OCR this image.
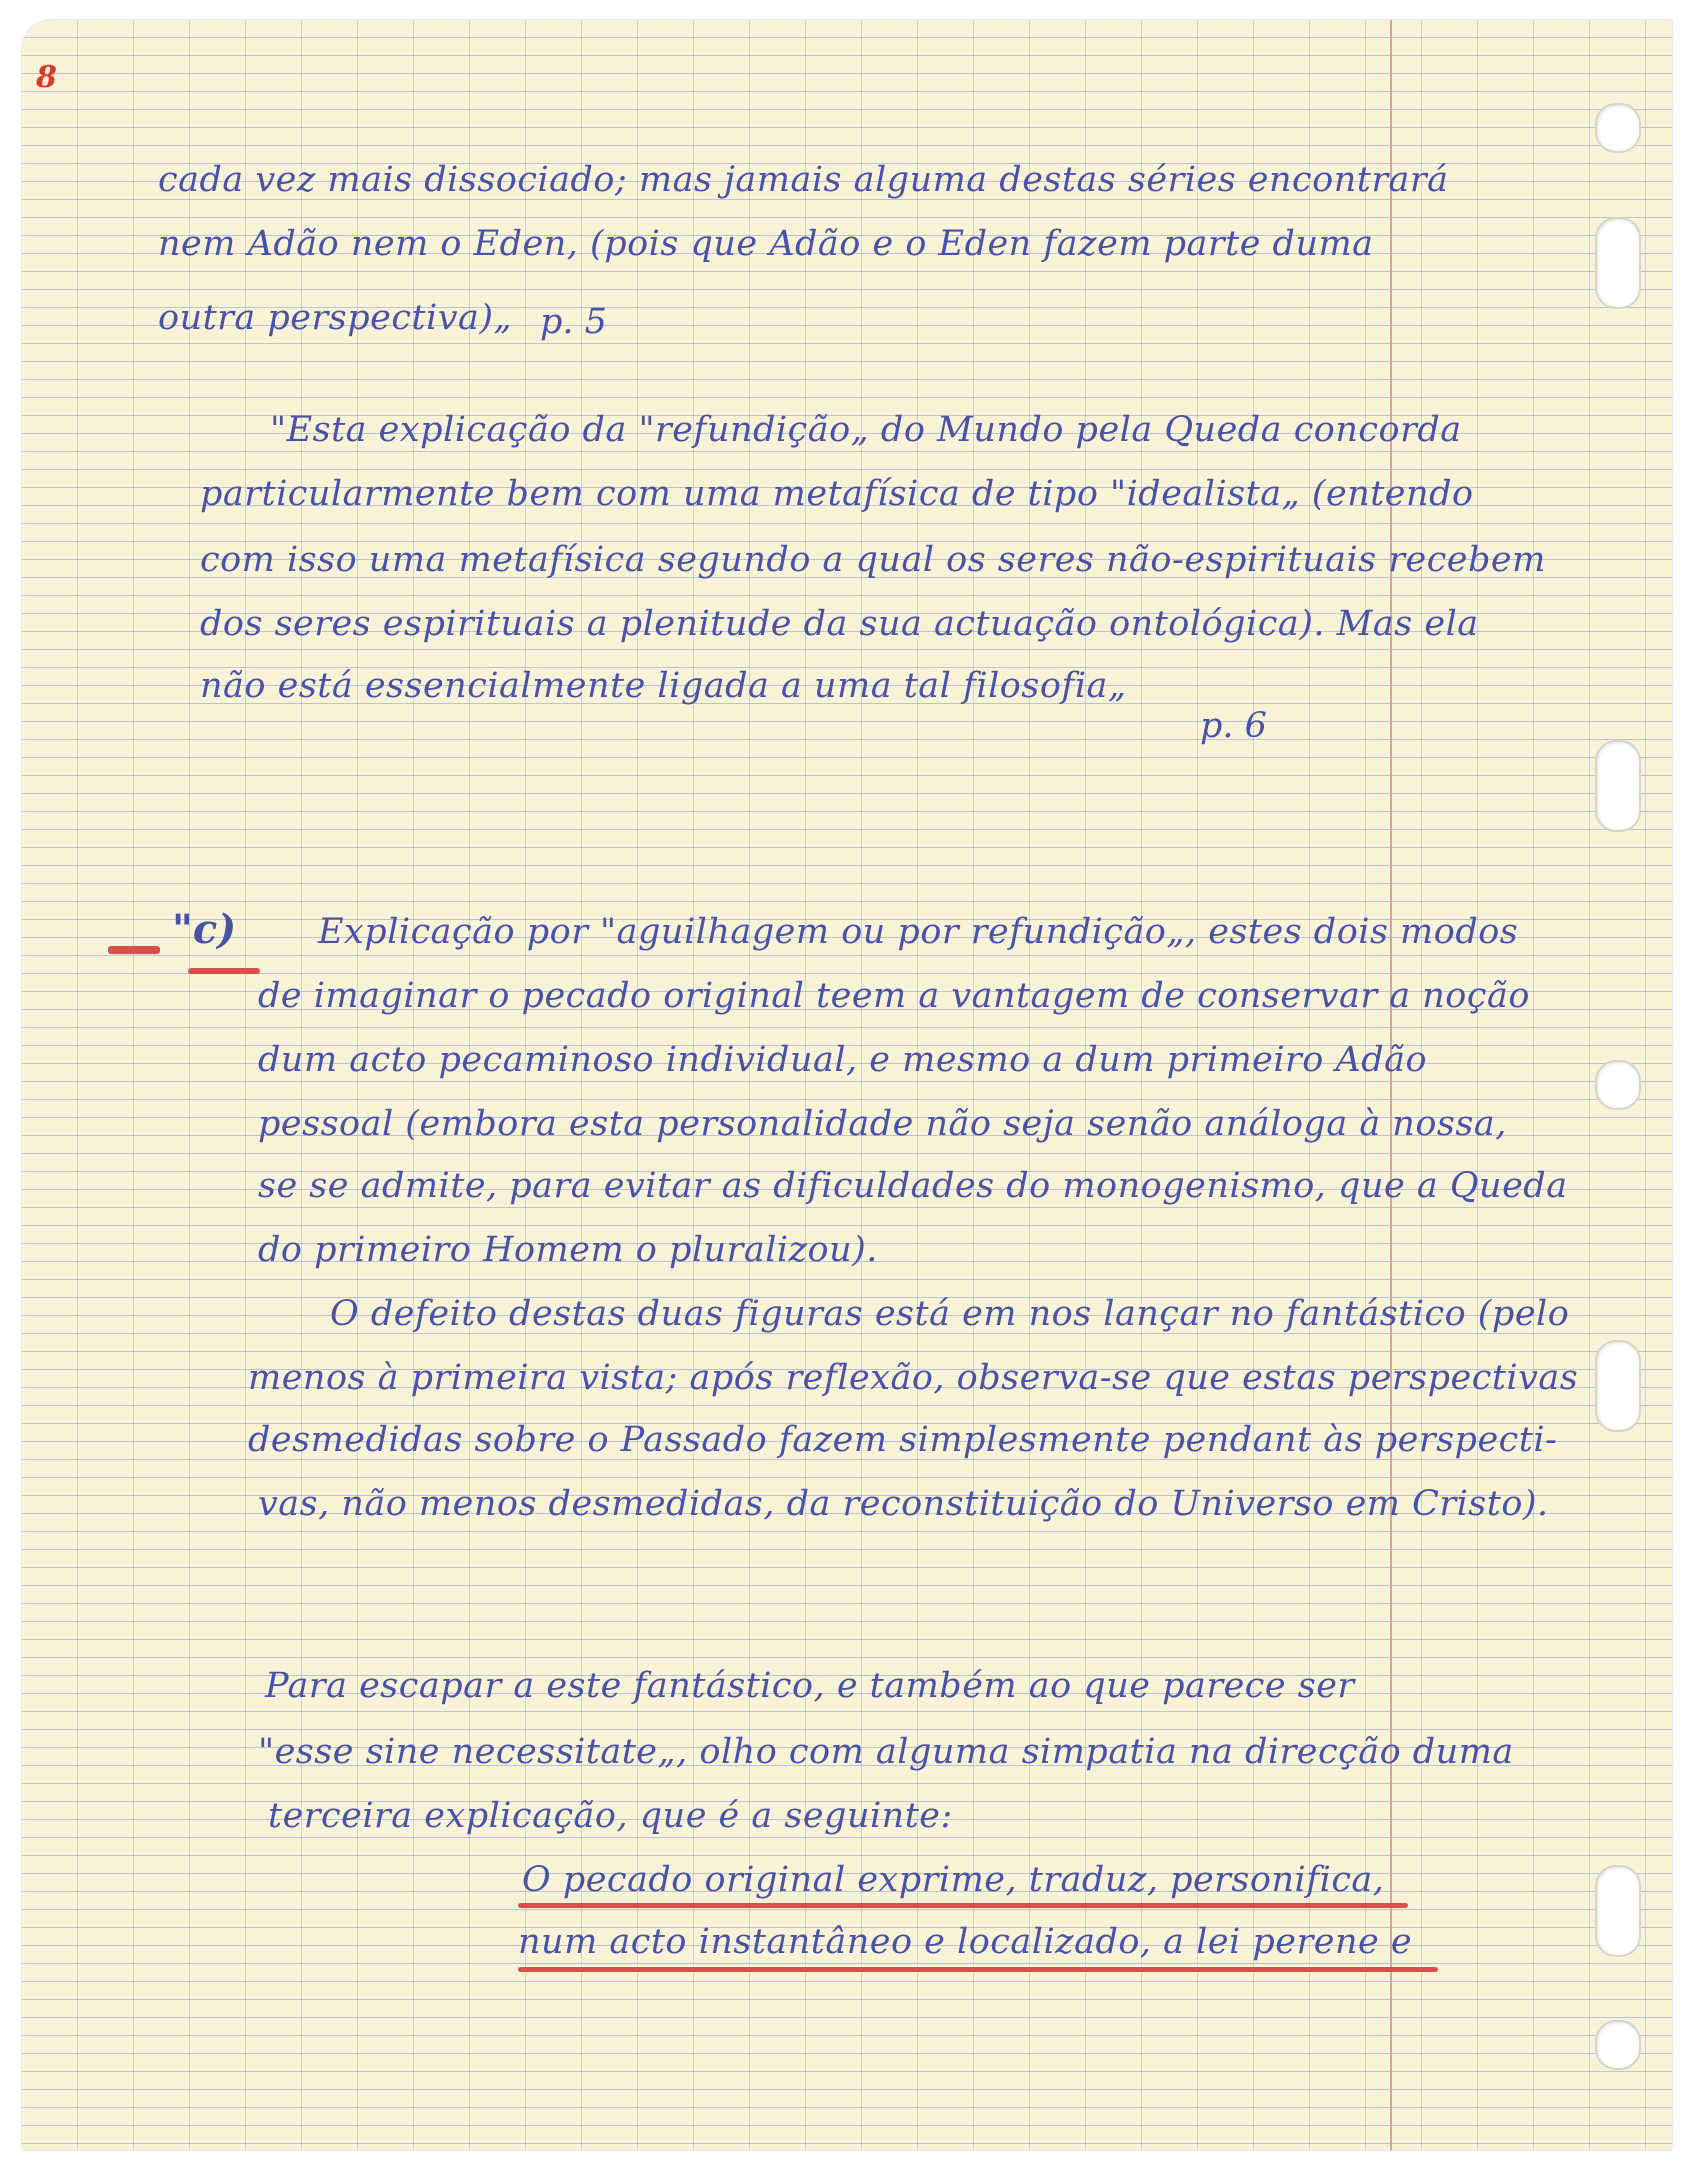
8
cada vez mais dissociado; mas jamais alguma destas séries encontrará
nem Adão nem o Eden, (pois que Adão e o Eden fazem parte duma
outra perspectiva)„ p. 5
"Esta explicação da "refundição„ do Mundo pela Queda concorda
particularmente bem com uma metafísica de tipo "idealista„ (entendo
com isso uma metafísica segundo a qual os seres não-espirituais recebem
dos seres espirituais a plenitude da sua actuação ontológica). Mas ela
não está essencialmente ligada a uma tal filosofia„
p. 6
"c) Explicação por "aguilhagem ou por refundição„, estes dois modos
de imaginar o pecado original teem a vantagem de conservar a noção
dum acto pecaminoso individual, e mesmo a dum primeiro Adão
pessoal (embora esta personalidade não seja senão análoga à nossa,
se se admite, para evitar as dificuldades do monogenismo, que a Queda
do primeiro Homem o pluralizou).
O defeito destas duas figuras está em nos lançar no fantástico (pelo
menos à primeira vista; após reflexão, observa-se que estas perspectivas
desmedidas sobre o Passado fazem simplesmente pendant às perspecti-
vas, não menos desmedidas, da reconstituição do Universo em Cristo).
Para escapar a este fantástico, e também ao que parece ser
"esse sine necessitate„, olho com alguma simpatia na direcção duma
terceira explicação, que é a seguinte:
O pecado original exprime, traduz, personifica,
num acto instantâneo e localizado, a lei perene e
